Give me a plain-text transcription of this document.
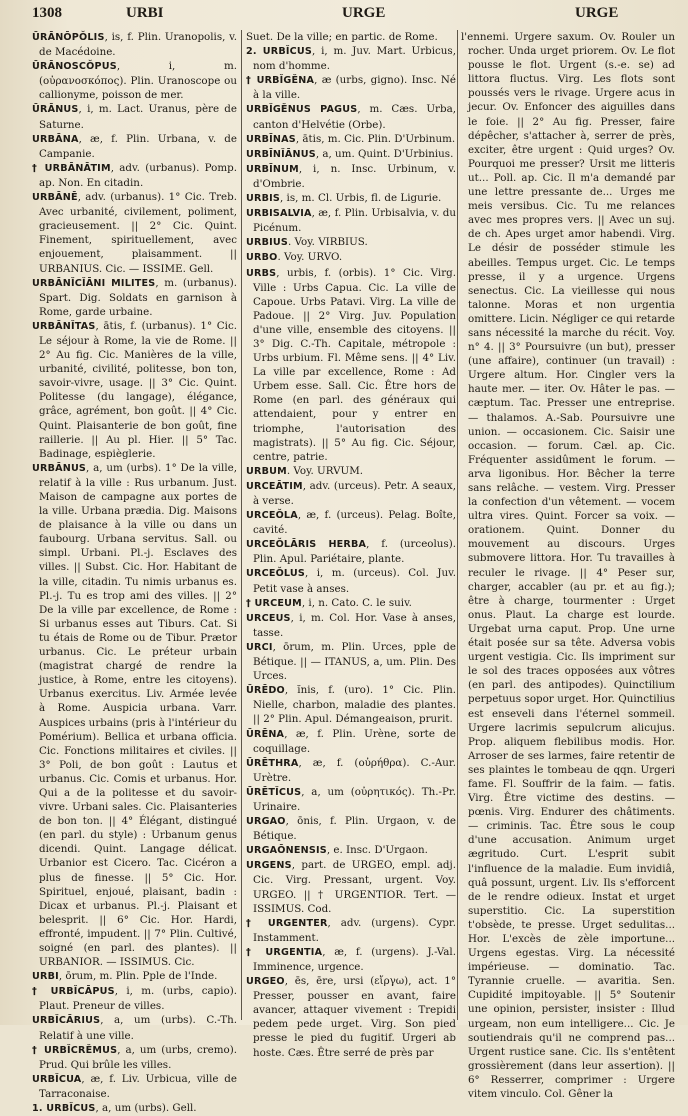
1308	URBI	URGE	URGE

ŪRĀNŌPŎLIS, is, f. Plin. Uranopolis, v. de Macédoine.

ŪRĀNOSCŎPUS, i, m. (οὐρανοσκόπος). Plin. Uranoscope ou callionyme, poisson de mer.

ŪRĀNUS, i, m. Lact. Uranus, père de Saturne.

URBĀNA, æ, f. Plin. Urbana, v. de Campanie.

† URBĀNĀTIM, adv. (urbanus). Pomp. ap. Non. En citadin.

URBĀNĒ, adv. (urbanus). 1° Cic. Treb. Avec urbanité, civilement, poliment, gracieusement. || 2° Cic. Quint. Finement, spirituellement, avec enjouement, plaisamment. || URBANIUS. Cic. — ISSIME. Gell.

URBĀNĬCĬĀNI MILITES, m. (urbanus). Spart. Dig. Soldats en garnison à Rome, garde urbaine.

URBĀNĬTAS, ātis, f. (urbanus). 1° Cic. Le séjour à Rome, la vie de Rome. || 2° Au fig. Cic. Manières de la ville, urbanité, civilité, politesse, bon ton, savoir-vivre, usage. || 3° Cic. Quint. Politesse (du langage), élégance, grâce, agrément, bon goût. || 4° Cic. Quint. Plaisanterie de bon goût, fine raillerie. || Au pl. Hier. || 5° Tac. Badinage, espièglerie.

URBĀNUS, a, um (urbs). 1° De la ville, relatif à la ville : Rus urbanum. Just. Maison de campagne aux portes de la ville. Urbana prædia. Dig. Maisons de plaisance à la ville ou dans un faubourg. Urbana servitus. Sall. ou simpl. Urbani. Pl.-j. Esclaves des villes. || Subst. Cic. Hor. Habitant de la ville, citadin. Tu nimis urbanus es. Pl.-j. Tu es trop ami des villes. || 2° De la ville par excellence, de Rome : Si urbanus esses aut Tiburs. Cat. Si tu étais de Rome ou de Tibur. Prætor urbanus. Cic. Le préteur urbain (magistrat chargé de rendre la justice, à Rome, entre les citoyens). Urbanus exercitus. Liv. Armée levée à Rome. Auspicia urbana. Varr. Auspices urbains (pris à l'intérieur du Pomérium). Bellica et urbana officia. Cic. Fonctions militaires et civiles. || 3° Poli, de bon goût : Lautus et urbanus. Cic. Comis et urbanus. Hor. Qui a de la politesse et du savoir-vivre. Urbani sales. Cic. Plaisanteries de bon ton. || 4° Élégant, distingué (en parl. du style) : Urbanum genus dicendi. Quint. Langage délicat. Urbanior est Cicero. Tac. Cicéron a plus de finesse. || 5° Cic. Hor. Spirituel, enjoué, plaisant, badin : Dicax et urbanus. Pl.-j. Plaisant et belesprit. || 6° Cic. Hor. Hardi, effronté, impudent. || 7° Plin. Cultivé, soigné (en parl. des plantes). || URBANIOR. — ISSIMUS. Cic.

URBI, ōrum, m. Plin. Pple de l'Inde.

† URBĬCĀPUS, i, m. (urbs, capio). Plaut. Preneur de villes.

URBĬCĀRIUS, a, um (urbs). C.-Th. Relatif à une ville.

† URBĬCRĔMUS, a, um (urbs, cremo). Prud. Qui brûle les villes.

URBĬCUA, æ, f. Liv. Urbicua, ville de Tarraconaise.

1. URBĬCUS, a, um (urbs). Gell.

Suet. De la ville; en partic. de Rome.

2. URBĬCUS, i, m. Juv. Mart. Urbicus, nom d'homme.

† URBĬGĔNA, æ (urbs, gigno). Insc. Né à la ville.

URBĬGĔNUS PAGUS, m. Cæs. Urba, canton d'Helvétie (Orbe).

URBĪNAS, ātis, m. Cic. Plin. D'Urbinum.

URBĪNĬĀNUS, a, um. Quint. D'Urbinius.

URBĪNUM, i, n. Insc. Urbinum, v. d'Ombrie.

URBIS, is, m. Cl. Urbis, fl. de Ligurie.

URBISALVIA, æ, f. Plin. Urbisalvia, v. du Picénum.

URBIUS. Voy. VIRBIUS.

URBO. Voy. URVO.

URBS, urbis, f. (orbis). 1° Cic. Virg. Ville : Urbs Capua. Cic. La ville de Capoue. Urbs Patavi. Virg. La ville de Padoue. || 2° Virg. Juv. Population d'une ville, ensemble des citoyens. || 3° Dig. C.-Th. Capitale, métropole : Urbs urbium. Fl. Même sens. || 4° Liv. La ville par excellence, Rome : Ad Urbem esse. Sall. Cic. Être hors de Rome (en parl. des généraux qui attendaient, pour y entrer en triomphe, l'autorisation des magistrats). || 5° Au fig. Cic. Séjour, centre, patrie.

URBUM. Voy. URVUM.

URCEĀTIM, adv. (urceus). Petr. A seaux, à verse.

URCEŎLA, æ, f. (urceus). Pelag. Boîte, cavité.

URCEŎLĀRIS HERBA, f. (urceolus). Plin. Apul. Pariétaire, plante.

URCEŎLUS, i, m. (urceus). Col. Juv. Petit vase à anses.

† URCEUM, i, n. Cato. C. le suiv.

URCEUS, i, m. Col. Hor. Vase à anses, tasse.

URCI, ōrum, m. Plin. Urces, pple de Bétique. || — ITANUS, a, um. Plin. Des Urces.

ŪRĒDO, ĭnis, f. (uro). 1° Cic. Plin. Nielle, charbon, maladie des plantes. || 2° Plin. Apul. Démangeaison, prurit.

ŪRĒNA, æ, f. Plin. Urène, sorte de coquillage.

ŪRĒTHRA, æ, f. (οὐρήθρα). C.-Aur. Urètre.

ŪRĒTĬCUS, a, um (οὐρητικός). Th.-Pr. Urinaire.

URGAO, ōnis, f. Plin. Urgaon, v. de Bétique.

URGAŌNENSIS, e. Insc. D'Urgaon.

URGENS, part. de URGEO, empl. adj. Cic. Virg. Pressant, urgent. Voy. URGEO. || † URGENTIOR. Tert. — ISSIMUS. Cod.

† URGENTER, adv. (urgens). Cypr. Instamment.

† URGENTIA, æ, f. (urgens). J.-Val. Imminence, urgence.

URGEO, ēs, ēre, ursi (εἴργω), act. 1° Presser, pousser en avant, faire avancer, attaquer vivement : Trepidi pedem pede urget. Virg. Son pied presse le pied du fugitif. Urgeri ab hoste. Cæs. Être serré de près par

l'ennemi. Urgere saxum. Ov. Rouler un rocher. Unda urget priorem. Ov. Le flot pousse le flot. Urgent (s.-e. se) ad littora fluctus. Virg. Les flots sont poussés vers le rivage. Urgere acus in jecur. Ov. Enfoncer des aiguilles dans le foie. || 2° Au fig. Presser, faire dépêcher, s'attacher à, serrer de près, exciter, être urgent : Quid urges? Ov. Pourquoi me presser? Ursit me litteris ut... Poll. ap. Cic. Il m'a demandé par une lettre pressante de... Urges me meis versibus. Cic. Tu me relances avec mes propres vers. || Avec un suj. de ch. Apes urget amor habendi. Virg. Le désir de posséder stimule les abeilles. Tempus urget. Cic. Le temps presse, il y a urgence. Urgens senectus. Cic. La vieillesse qui nous talonne. Moras et non urgentia omittere. Licin. Négliger ce qui retarde sans nécessité la marche du récit. Voy. n° 4. || 3° Poursuivre (un but), presser (une affaire), continuer (un travail) : Urgere altum. Hor. Cingler vers la haute mer. — iter. Ov. Hâter le pas. — cæptum. Tac. Presser une entreprise. — thalamos. A.-Sab. Poursuivre une union. — occasionem. Cic. Saisir une occasion. — forum. Cæl. ap. Cic. Fréquenter assidûment le forum. — arva ligonibus. Hor. Bêcher la terre sans relâche. — vestem. Virg. Presser la confection d'un vêtement. — vocem ultra vires. Quint. Forcer sa voix. — orationem. Quint. Donner du mouvement au discours. Urges submovere littora. Hor. Tu travailles à reculer le rivage. || 4° Peser sur, charger, accabler (au pr. et au fig.); être à charge, tourmenter : Urget onus. Plaut. La charge est lourde. Urgebat urna caput. Prop. Une urne était posée sur sa tête. Adversa vobis urgent vestigia. Cic. Ils impriment sur le sol des traces opposées aux vôtres (en parl. des antipodes). Quinctilium perpetuus sopor urget. Hor. Quinctilius est enseveli dans l'éternel sommeil. Urgere lacrimis sepulcrum alicujus. Prop. aliquem flebilibus modis. Hor. Arroser de ses larmes, faire retentir de ses plaintes le tombeau de qqn. Urgeri fame. Fl. Souffrir de la faim. — fatis. Virg. Être victime des destins. — pœnis. Virg. Endurer des châtiments. — criminis. Tac. Être sous le coup d'une accusation. Animum urget ægritudo. Curt. L'esprit subit l'influence de la maladie. Eum invidiâ, quâ possunt, urgent. Liv. Ils s'efforcent de le rendre odieux. Instat et urget superstitio. Cic. La superstition t'obsède, te presse. Urget sedulitas... Hor. L'excès de zèle importune... Urgens egestas. Virg. La nécessité impérieuse. — dominatio. Tac. Tyrannie cruelle. — avaritia. Sen. Cupidité impitoyable. || 5° Soutenir une opinion, persister, insister : Illud urgeam, non eum intelligere... Cic. Je soutiendrais qu'il ne comprend pas... Urgent rustice sane. Cic. Ils s'entêtent grossièrement (dans leur assertion). || 6° Resserrer, comprimer : Urgere vitem vinculo. Col. Gêner la
